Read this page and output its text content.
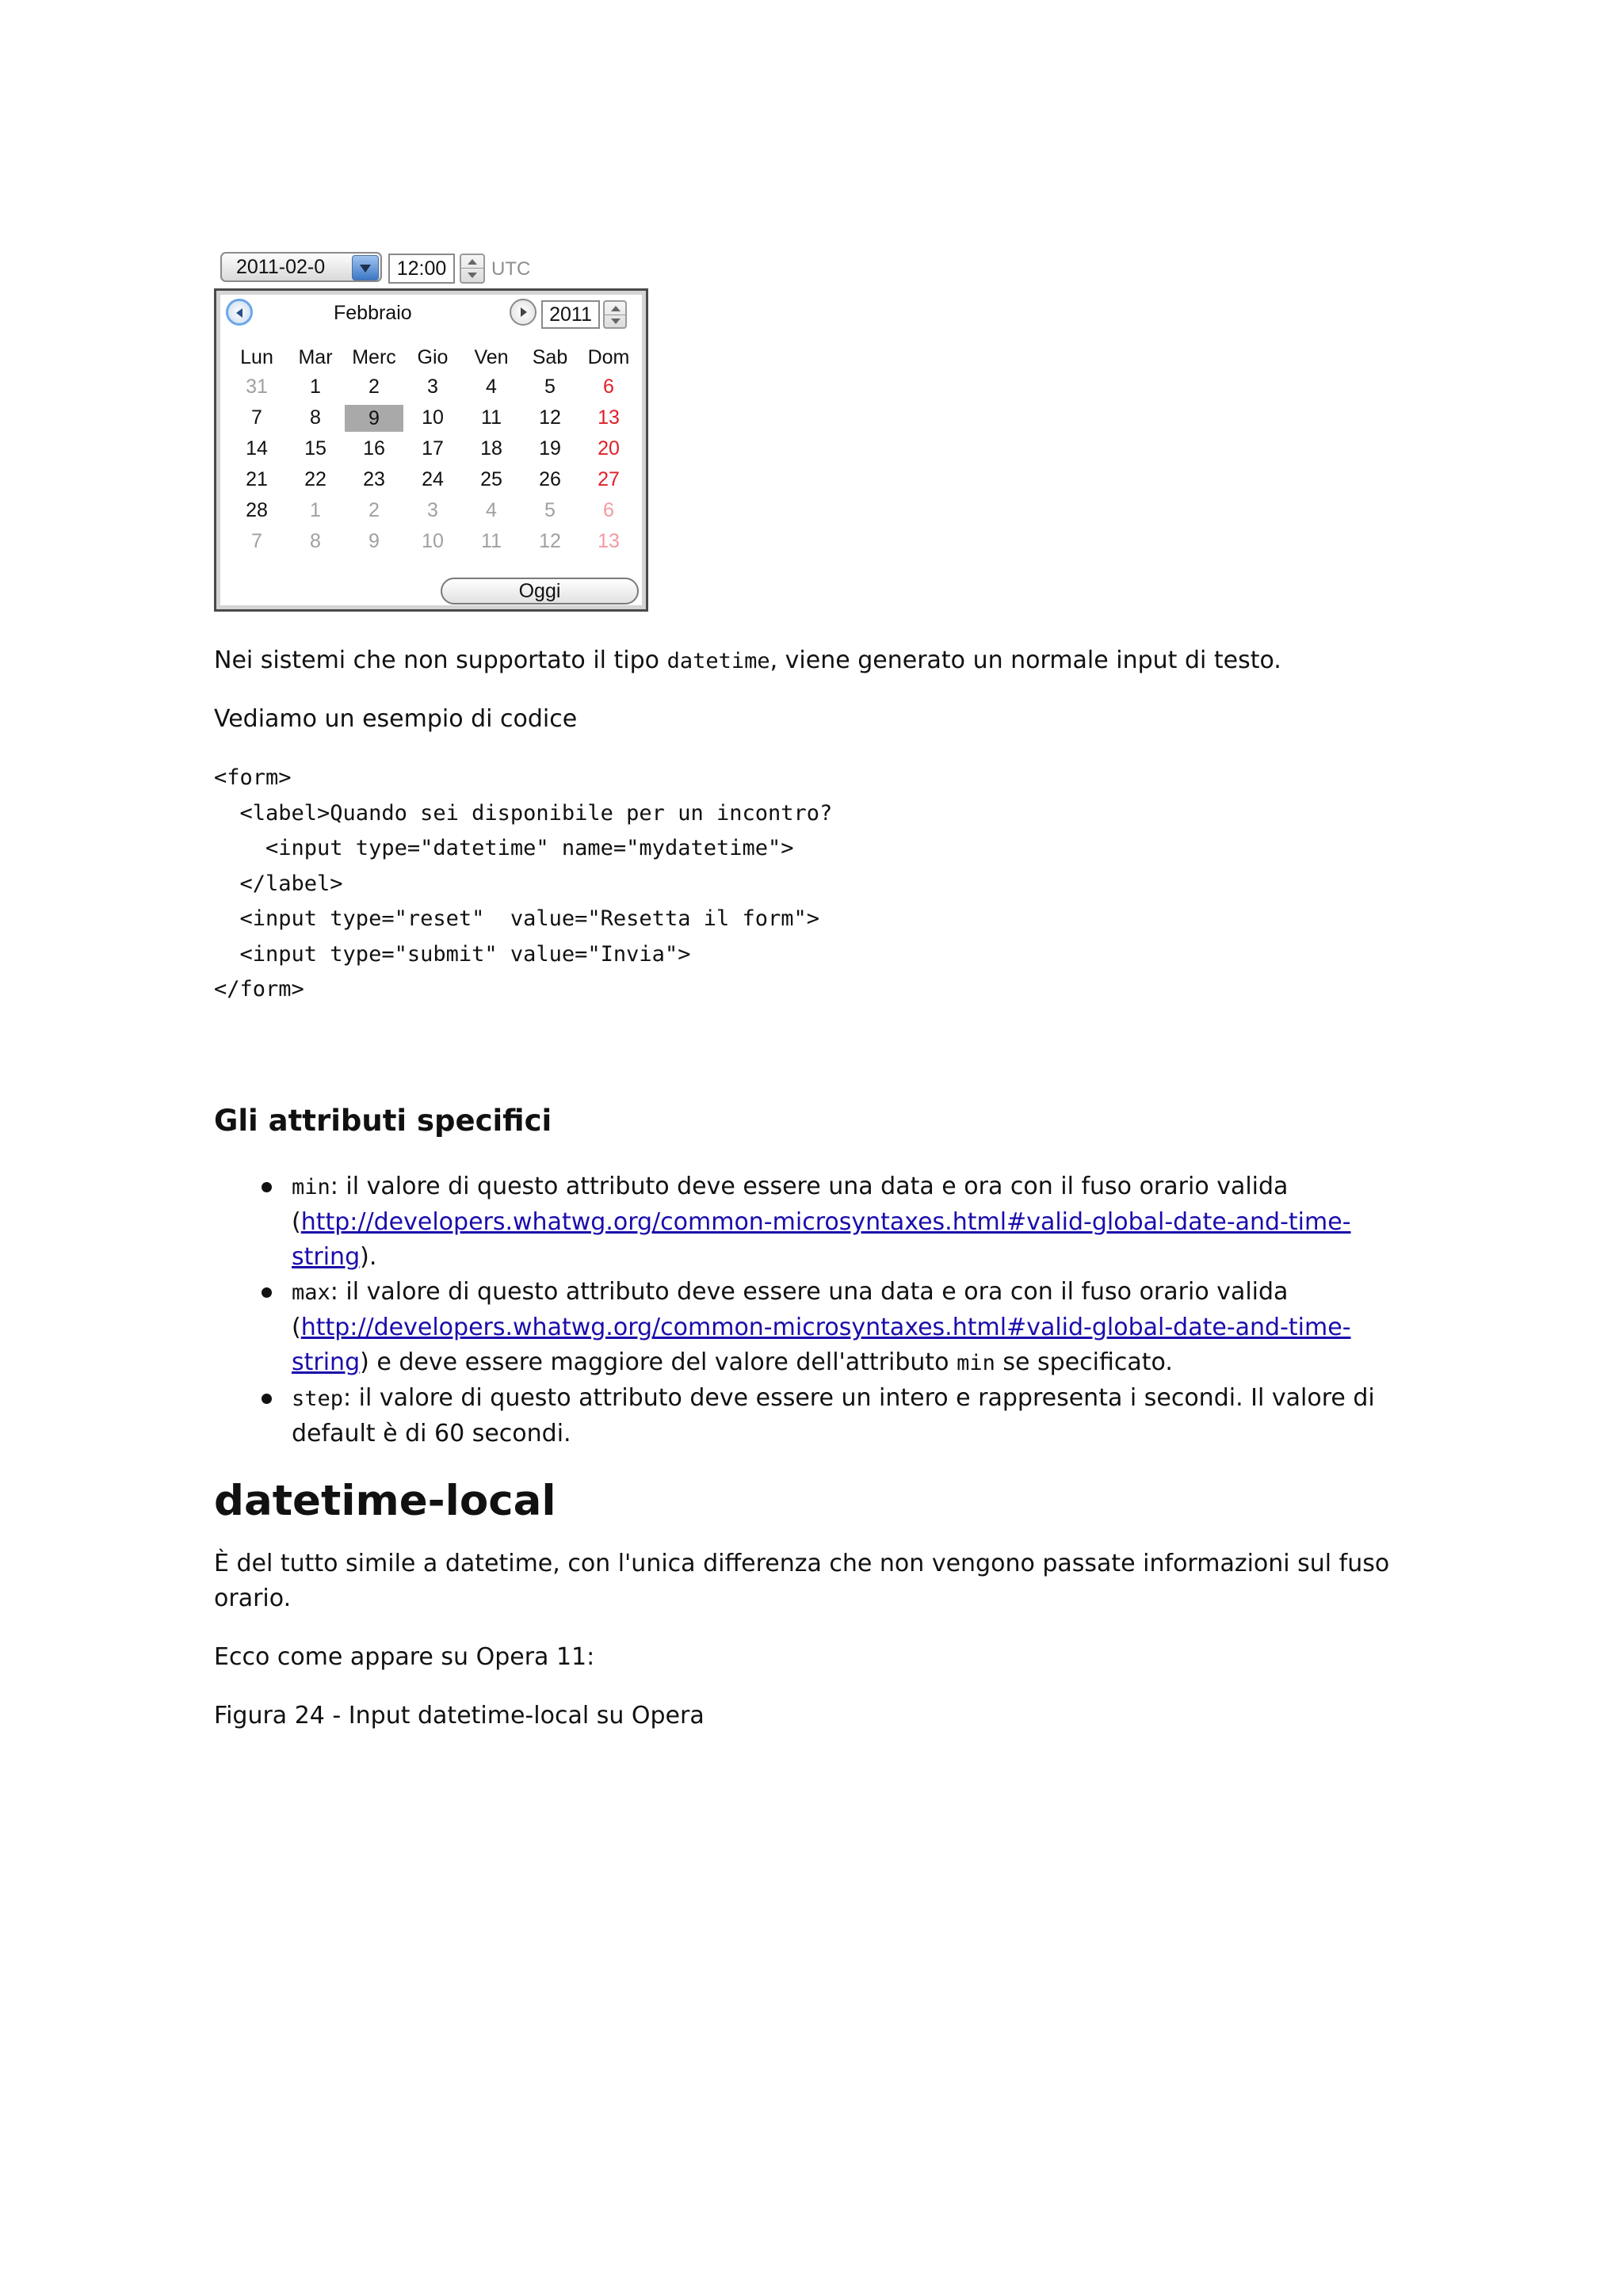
2011-02-0	12:00	UTC
Febbraio	2011
Lun	Mar	Merc	Gio	Ven	Sab	Dom
31	1	2	3	4	5	6
7	8	9	10	11	12	13
14	15	16	17	18	19	20
21	22	23	24	25	26	27
28	1	2	3	4	5	6
7	8	9	10	11	12	13
Oggi

Nei sistemi che non supportato il tipo datetime, viene generato un normale input di testo.

Vediamo un esempio di codice

<form>
<label>Quando sei disponibile per un incontro?
<input type="datetime" name="mydatetime">
</label>
<input type="reset"  value="Resetta il form">
<input type="submit" value="Invia">
</form>
Gli attributi specifici
min: il valore di questo attributo deve essere una data e ora con il fuso orario valida
(http://developers.whatwg.org/common-microsyntaxes.html#valid-global-date-and-time-
string).
max: il valore di questo attributo deve essere una data e ora con il fuso orario valida
(http://developers.whatwg.org/common-microsyntaxes.html#valid-global-date-and-time-
string) e deve essere maggiore del valore dell'attributo min se specificato.
step: il valore di questo attributo deve essere un intero e rappresenta i secondi. Il valore di
default è di 60 secondi.
datetime-local

È del tutto simile a datetime, con l'unica differenza che non vengono passate informazioni sul fuso
orario.

Ecco come appare su Opera 11:

Figura 24 - Input datetime-local su Opera
